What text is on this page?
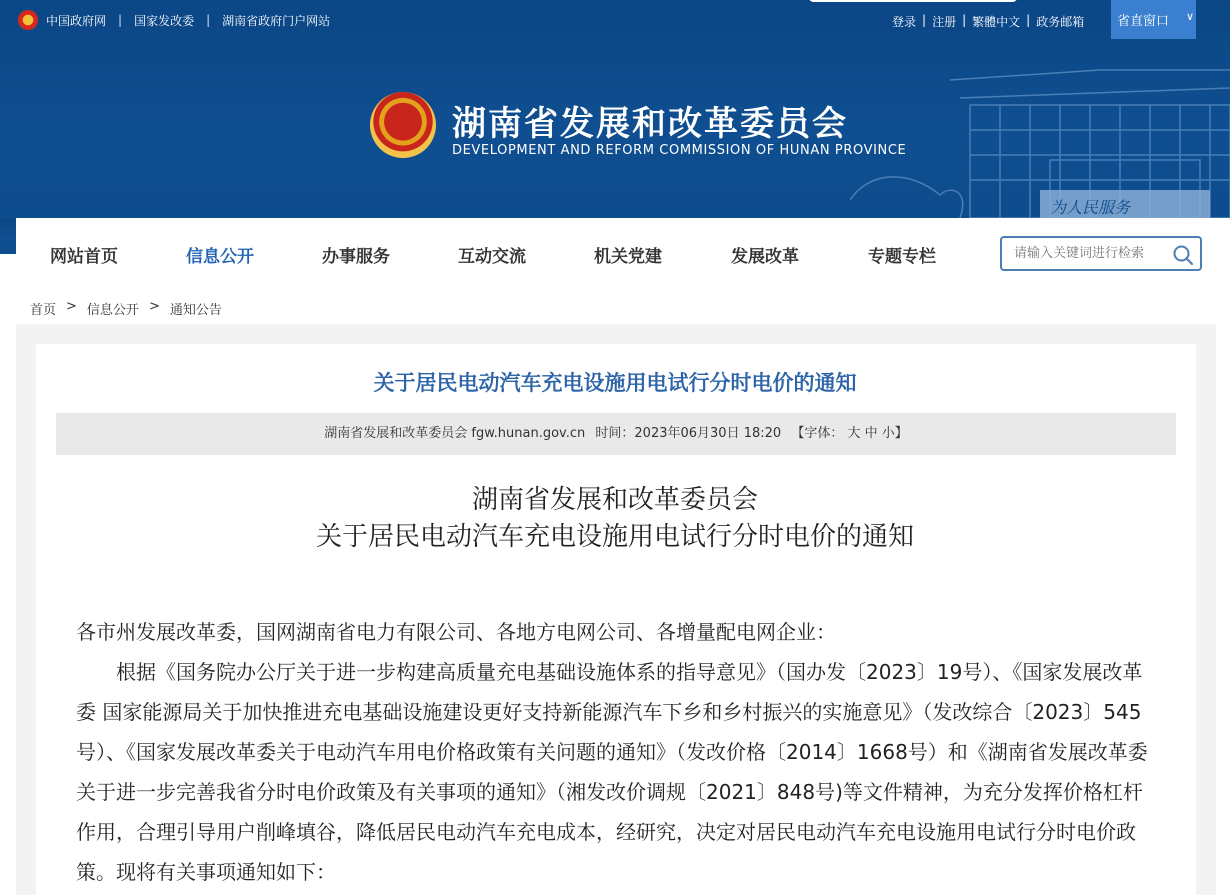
中国政府网 | 国家发改委 | 湖南省政府门户网站	登录 | 注册 | 繁體中文 | 政务邮箱	省直窗口 ∨
湖南省发展和改革委员会
DEVELOPMENT AND REFORM COMMISSION OF HUNAN PROVINCE
为人民服务
网站首页	信息公开	办事服务	互动交流	机关党建	发展改革	专题专栏
请输入关键词进行检索
首页 > 信息公开 > 通知公告
关于居民电动汽车充电设施用电试行分时电价的通知
湖南省发展和改革委员会 fgw.hunan.gov.cn 时间：2023年06月30日 18:20 【字体： 大 中 小】
湖南省发展和改革委员会
关于居民电动汽车充电设施用电试行分时电价的通知

各市州发展改革委，国网湖南省电力有限公司、各地方电网公司、各增量配电网企业：

根据《国务院办公厅关于进一步构建高质量充电基础设施体系的指导意见》（国办发〔2023〕19号）、《国家发展改革委 国家能源局关于加快推进充电基础设施建设更好支持新能源汽车下乡和乡村振兴的实施意见》（发改综合〔2023〕545号）、《国家发展改革委关于电动汽车用电价格政策有关问题的通知》（发改价格〔2014〕1668号）和《湖南省发展改革委关于进一步完善我省分时电价政策及有关事项的通知》（湘发改价调规〔2021〕848号)等文件精神，为充分发挥价格杠杆作用，合理引导用户削峰填谷，降低居民电动汽车充电成本，经研究，决定对居民电动汽车充电设施用电试行分时电价政策。现将有关事项通知如下：
